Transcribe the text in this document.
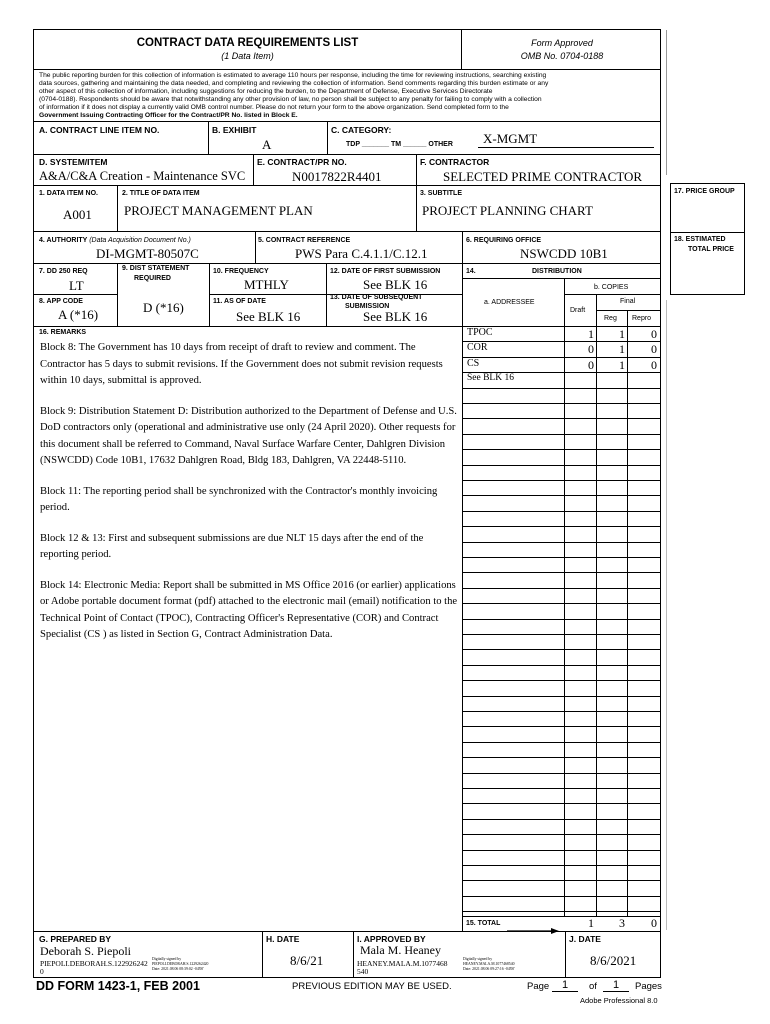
17. PRICE GROUP
18. ESTIMATED
TOTAL PRICE
CONTRACT DATA REQUIREMENTS LIST
(1 Data Item)
Form Approved
OMB No. 0704-0188
The public reporting burden for this collection of information is estimated to average 110 hours per response, including the time for reviewing instructions, searching existing
data sources, gathering and maintaining the data needed, and completing and reviewing the collection of information. Send comments regarding this burden estimate or any
other aspect of this collection of information, including suggestions for reducing the burden, to the Department of Defense, Executive Services Directorate
(0704-0188). Respondents should be aware that notwithstanding any other provision of law, no person shall be subject to any penalty for failing to comply with a collection
of information if it does not display a currently valid OMB control number. Please do not return your form to the above organization. Send completed form to the
Government Issuing Contracting Officer for the Contract/PR No. listed in Block E.
A. CONTRACT LINE ITEM NO.	B. EXHIBIT
A
C. CATEGORY:
TDP _______ TM ______ OTHER X-MGMT
D. SYSTEM/ITEM
A&A/C&A Creation - Maintenance SVC
E. CONTRACT/PR NO.
N0017822R4401
F. CONTRACTOR
SELECTED PRIME CONTRACTOR
1. DATA ITEM NO.
A001
2. TITLE OF DATA ITEM
PROJECT MANAGEMENT PLAN
3. SUBTITLE
PROJECT PLANNING CHART
4. AUTHORITY (Data Acquisition Document No.)
DI-MGMT-80507C
5. CONTRACT REFERENCE
PWS Para C.4.1.1/C.12.1
6. REQUIRING OFFICE
NSWCDD 10B1
7. DD 250 REQ
LT
9. DIST STATEMENT
REQUIRED
D (*16)
10. FREQUENCY
MTHLY
12. DATE OF FIRST SUBMISSION
See BLK 16
14.	DISTRIBUTION
8. APP CODE
A (*16)
11. AS OF DATE
See BLK 16
13. DATE OF SUBSEQUENT
SUBMISSION
See BLK 16
a. ADDRESSEE
b. COPIES
Draft
Final
Reg Repro
16. REMARKS

Block 8: The Government has 10 days from receipt of draft to review and comment. The Contractor has 5 days to submit revisions. If the Government does not submit revision requests within 10 days, submittal is approved.

Block 9: Distribution Statement D: Distribution authorized to the Department of Defense and U.S. DoD contractors only (operational and administrative use only (24 April 2020). Other requests for this document shall be referred to Command, Naval Surface Warfare Center, Dahlgren Division (NSWCDD) Code 10B1, 17632 Dahlgren Road, Bldg 183, Dahlgren, VA 22448-5110.

Block 11: The reporting period shall be synchronized with the Contractor's monthly invoicing period.

Block 12 & 13: First and subsequent submissions are due NLT 15 days after the end of the reporting period.

Block 14: Electronic Media: Report shall be submitted in MS Office 2016 (or earlier) applications or Adobe portable document format (pdf) attached to the electronic mail (email) notification to the Technical Point of Contact (TPOC), Contracting Officer's Representative (COR) and Contract Specialist (CS ) as listed in Section G, Contract Administration Data.

TPOC	1 1 0
COR	0 1 0
CS	0 1 0
See BLK 16
15. TOTAL	1 3 0
G. PREPARED BY
Deborah S. Piepoli
PIEPOLI.DEBORAH.S.122926242
0
Digitally signed by
PIEPOLI.DEBORAH.S.1229262420
Date: 2021.08.06 08:39:02 -04'00'
H. DATE
8/6/21
I. APPROVED BY
Mala M. Heaney
HEANEY.MALA.M.1077468
540
Digitally signed by
HEANEY.MALA.M.1077468540
Date: 2021.08.06 09:27:16 -04'00'
J. DATE
8/6/2021
DD FORM 1423-1, FEB 2001	PREVIOUS EDITION MAY BE USED.	Page	1	of	1	Pages
Adobe Professional 8.0
